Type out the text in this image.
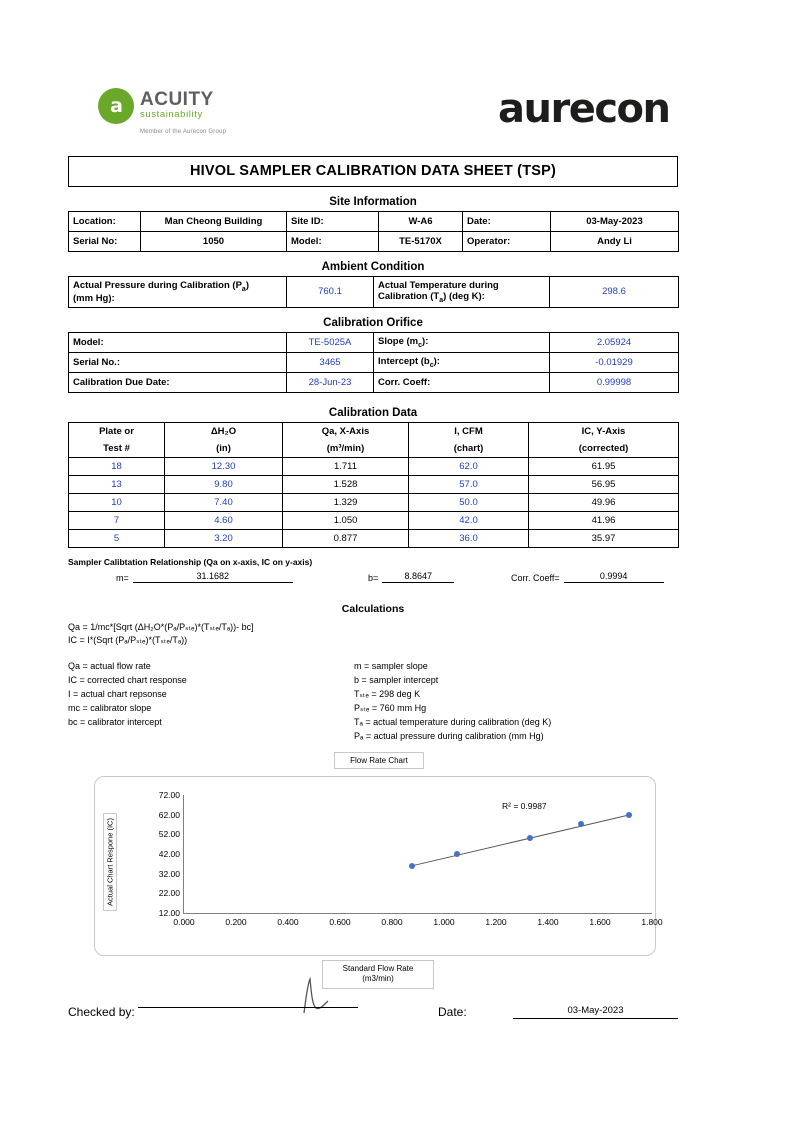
a ACUITY
sustainability
Member of the Aurecon Group
aurecon
HIVOL SAMPLER CALIBRATION DATA SHEET (TSP)
Site Information
Location:	Man Cheong Building	Site ID:	W-A6	Date:	03-May-2023
Serial No:	1050	Model:	TE-5170X	Operator:	Andy Li
Ambient Condition
Actual Pressure during Calibration $(P_a)$
(mm Hg):	760.1	Actual Temperature during
Calibration $(T_a)$ (deg K):	298.6
Calibration Orifice
Model:	TE-5025A	Slope $(m_c)$:	2.05924
Serial No.:	3465	Intercept $(b_c)$:	-0.01929
Calibration Due Date:	28-Jun-23	Corr. Coeff:	0.99998
Calibration Data
Plate or	ΔH₂O	Qa, X-Axis	I, CFM	IC, Y-Axis
Test #	(in)	(m³/min)	(chart)	(corrected)
18	12.30	1.711	62.0	61.95
13	9.80	1.528	57.0	56.95
10	7.40	1.329	50.0	49.96
7	4.60	1.050	42.0	41.96
5	3.20	0.877	36.0	35.97
Sampler Calibtation Relationship (Qa on x-axis, IC on y-axis)
m=	31.1682	b=	8.8647	Corr. Coeff=	0.9994
Calculations
Qa = 1/mс*[Sqrt (ΔH₂O*(Pₐ/Pₛₜₑ)*(Tₛₜₑ/Tₐ))- bс]
IC = I*(Sqrt (Pₐ/Pₛₜₑ)*(Tₛₜₑ/Tₐ))
Qa = actual flow rate
IC = corrected chart response
I = actual chart repsonse
mс = calibrator slope
bс = calibrator intercept
m = sampler slope
b = sampler intercept
Tₛₜₑ = 298 deg K
Pₛₜₑ = 760 mm Hg
Tₐ = actual temperature during calibration (deg K)
Pₐ = actual pressure during calibration (mm Hg)
Flow Rate Chart
Actual Chart Respone (IC)
12.00
22.00
32.00
42.00
52.00
62.00
72.00
0.000	0.200	0.400	0.600	0.800	1.000	1.200	1.400	1.600	1.800
R² = 0.9987
Standard Flow Rate
(m3/min)
Checked by:	Date:	03-May-2023
